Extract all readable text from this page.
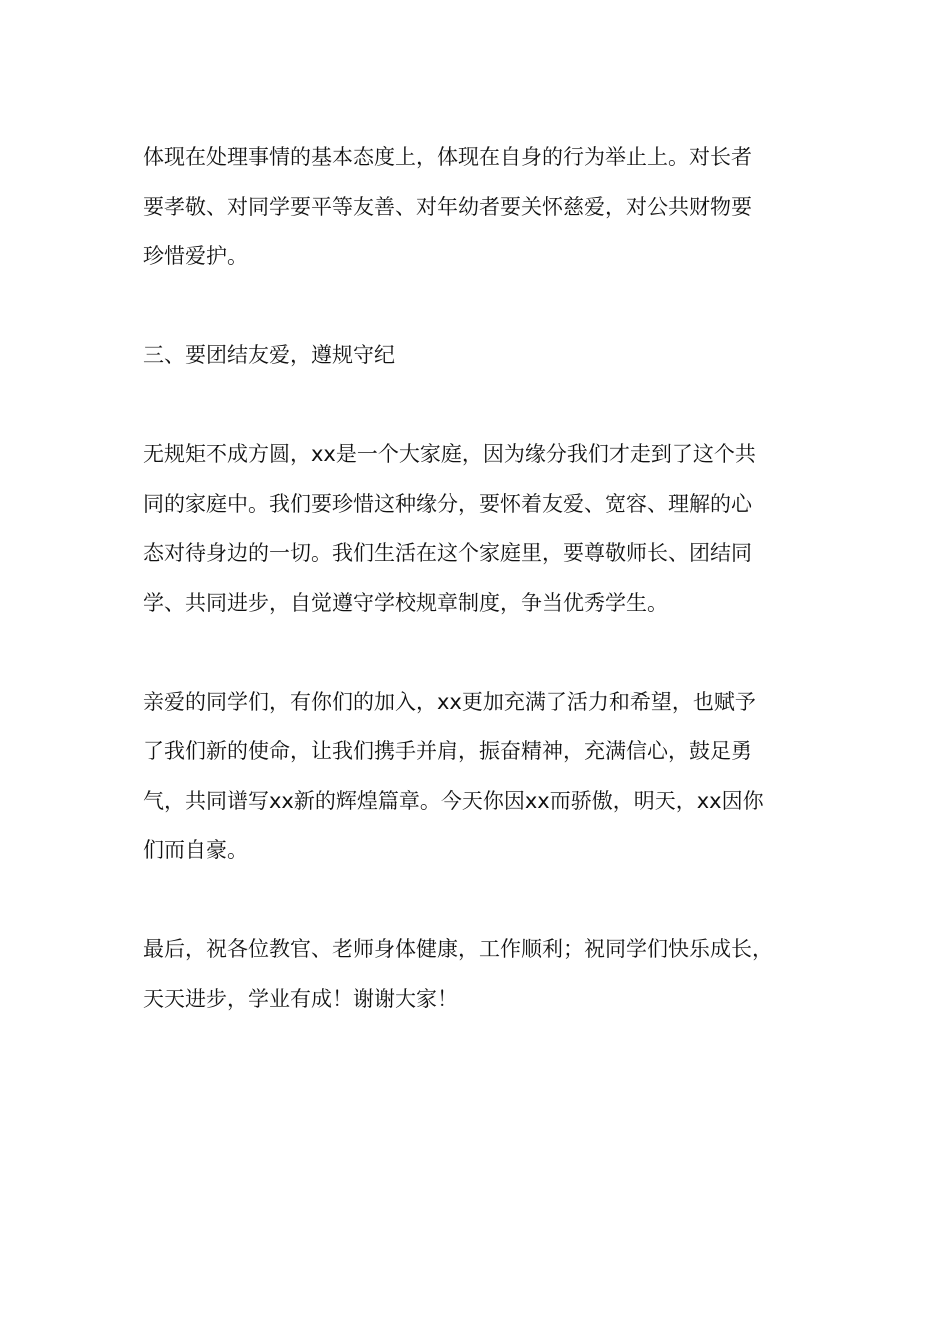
体现在处理事情的基本态度上，体现在自身的行为举止上。对长者
要孝敬、对同学要平等友善、对年幼者要关怀慈爱，对公共财物要
珍惜爱护。

三、要团结友爱，遵规守纪

无规矩不成方圆，xx是一个大家庭，因为缘分我们才走到了这个共
同的家庭中。我们要珍惜这种缘分，要怀着友爱、宽容、理解的心
态对待身边的一切。我们生活在这个家庭里，要尊敬师长、团结同
学、共同进步，自觉遵守学校规章制度，争当优秀学生。

亲爱的同学们，有你们的加入，xx更加充满了活力和希望，也赋予
了我们新的使命，让我们携手并肩，振奋精神，充满信心，鼓足勇
气，共同谱写xx新的辉煌篇章。今天你因xx而骄傲，明天，xx因你
们而自豪。

最后，祝各位教官、老师身体健康，工作顺利；祝同学们快乐成长，
天天进步，学业有成！谢谢大家！
